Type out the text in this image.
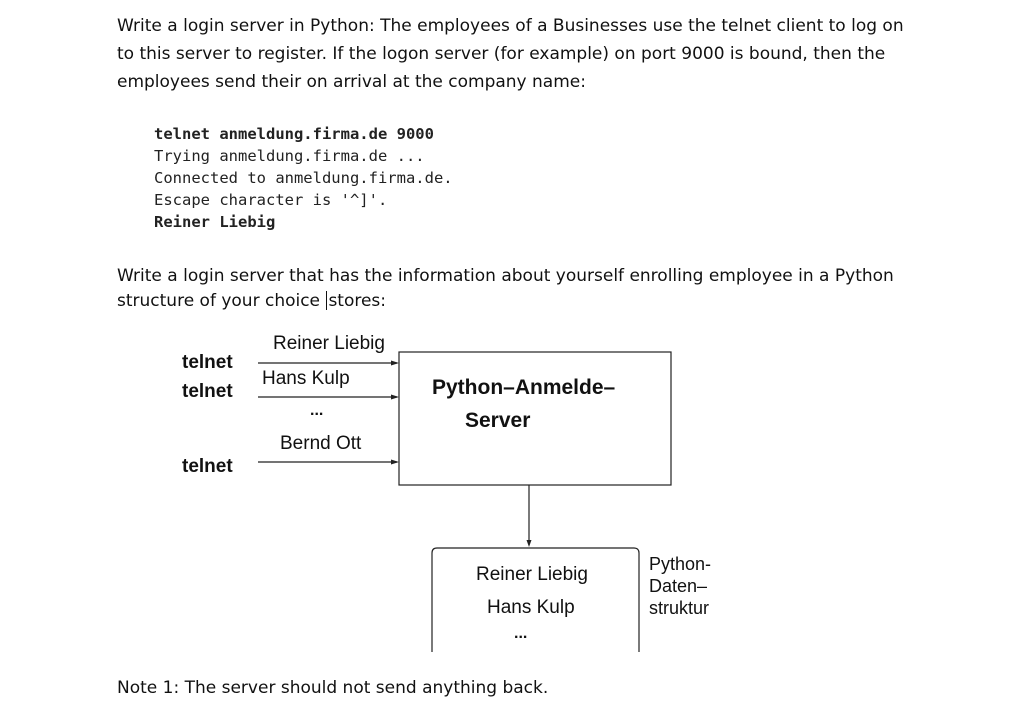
Write a login server in Python: The employees of a Businesses use the telnet client to log on to this server to register. If the logon server (for example) on port 9000 is bound, then the employees send their on arrival at the company name:
telnet anmeldung.firma.de 9000
Trying anmeldung.firma.de ...
Connected to anmeldung.firma.de.
Escape character is '^]'.
Reiner Liebig
Write a login server that has the information about yourself enrolling employee in a Python structure of your choice stores:
telnet
telnet
telnet
Reiner Liebig
Hans Kulp
...
Bernd Ott
Python–Anmelde–
Server
Reiner Liebig
Hans Kulp
...
Python-
Daten–
struktur
Note 1: The server should not send anything back.
